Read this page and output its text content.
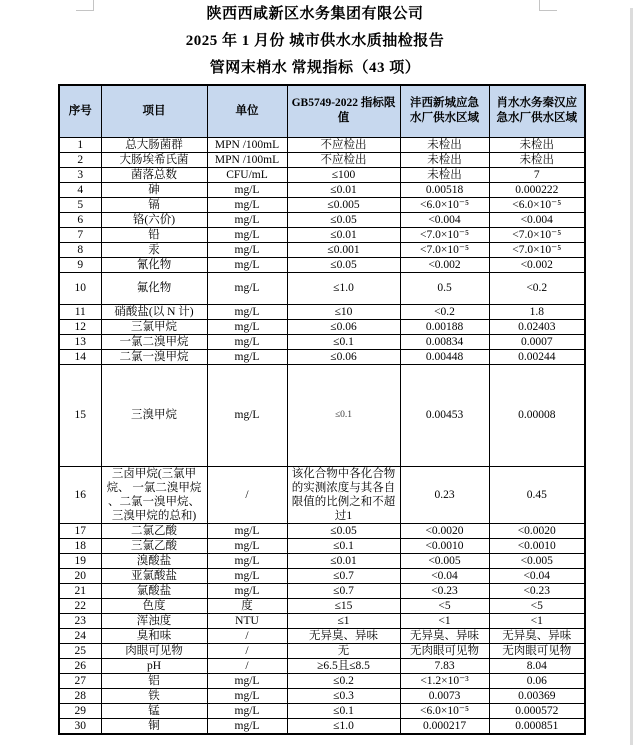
陕西西咸新区水务集团有限公司

2025 年 1 月份 城市供水水质抽检报告

管网末梢水 常规指标（43 项）

序号	项目	单位	GB5749-2022 指标限值	沣西新城应急水厂供水区域	肖水水务秦汉应急水厂供水区域
1	总大肠菌群	MPN /100mL	不应检出	未检出	未检出
2	大肠埃希氏菌	MPN /100mL	不应检出	未检出	未检出
3	菌落总数	CFU/mL	≤100	未检出	7
4	砷	mg/L	≤0.01	0.00518	0.000222
5	镉	mg/L	≤0.005	<6.0×10⁻⁵	<6.0×10⁻⁵
6	铬(六价)	mg/L	≤0.05	<0.004	<0.004
7	铅	mg/L	≤0.01	<7.0×10⁻⁵	<7.0×10⁻⁵
8	汞	mg/L	≤0.001	<7.0×10⁻⁵	<7.0×10⁻⁵
9	氰化物	mg/L	≤0.05	<0.002	<0.002
10	氟化物	mg/L	≤1.0	0.5	<0.2
11	硝酸盐(以 N 计)	mg/L	≤10	<0.2	1.8
12	三氯甲烷	mg/L	≤0.06	0.00188	0.02403
13	一氯二溴甲烷	mg/L	≤0.1	0.00834	0.0007
14	二氯一溴甲烷	mg/L	≤0.06	0.00448	0.00244
15	三溴甲烷	mg/L	≤0.1	0.00453	0.00008
16	三卤甲烷(三氯甲烷、 一氯二溴甲烷 、二氯一溴甲烷、三溴甲烷的总和)	/	该化合物中各化合物的实测浓度与其各自限值的比例之和不超过1	0.23	0.45
17	二氯乙酸	mg/L	≤0.05	<0.0020	<0.0020
18	三氯乙酸	mg/L	≤0.1	<0.0010	<0.0010
19	溴酸盐	mg/L	≤0.01	<0.005	<0.005
20	亚氯酸盐	mg/L	≤0.7	<0.04	<0.04
21	氯酸盐	mg/L	≤0.7	<0.23	<0.23
22	色度	度	≤15	<5	<5
23	浑浊度	NTU	≤1	<1	<1
24	臭和味	/	无异臭、异味	无异臭、异味	无异臭、异味
25	肉眼可见物	/	无	无肉眼可见物	无肉眼可见物
26	pH	/	≥6.5且≤8.5	7.83	8.04
27	铝	mg/L	≤0.2	<1.2×10⁻³	0.06
28	铁	mg/L	≤0.3	0.0073	0.00369
29	锰	mg/L	≤0.1	<6.0×10⁻⁵	0.000572
30	铜	mg/L	≤1.0	0.000217	0.000851
